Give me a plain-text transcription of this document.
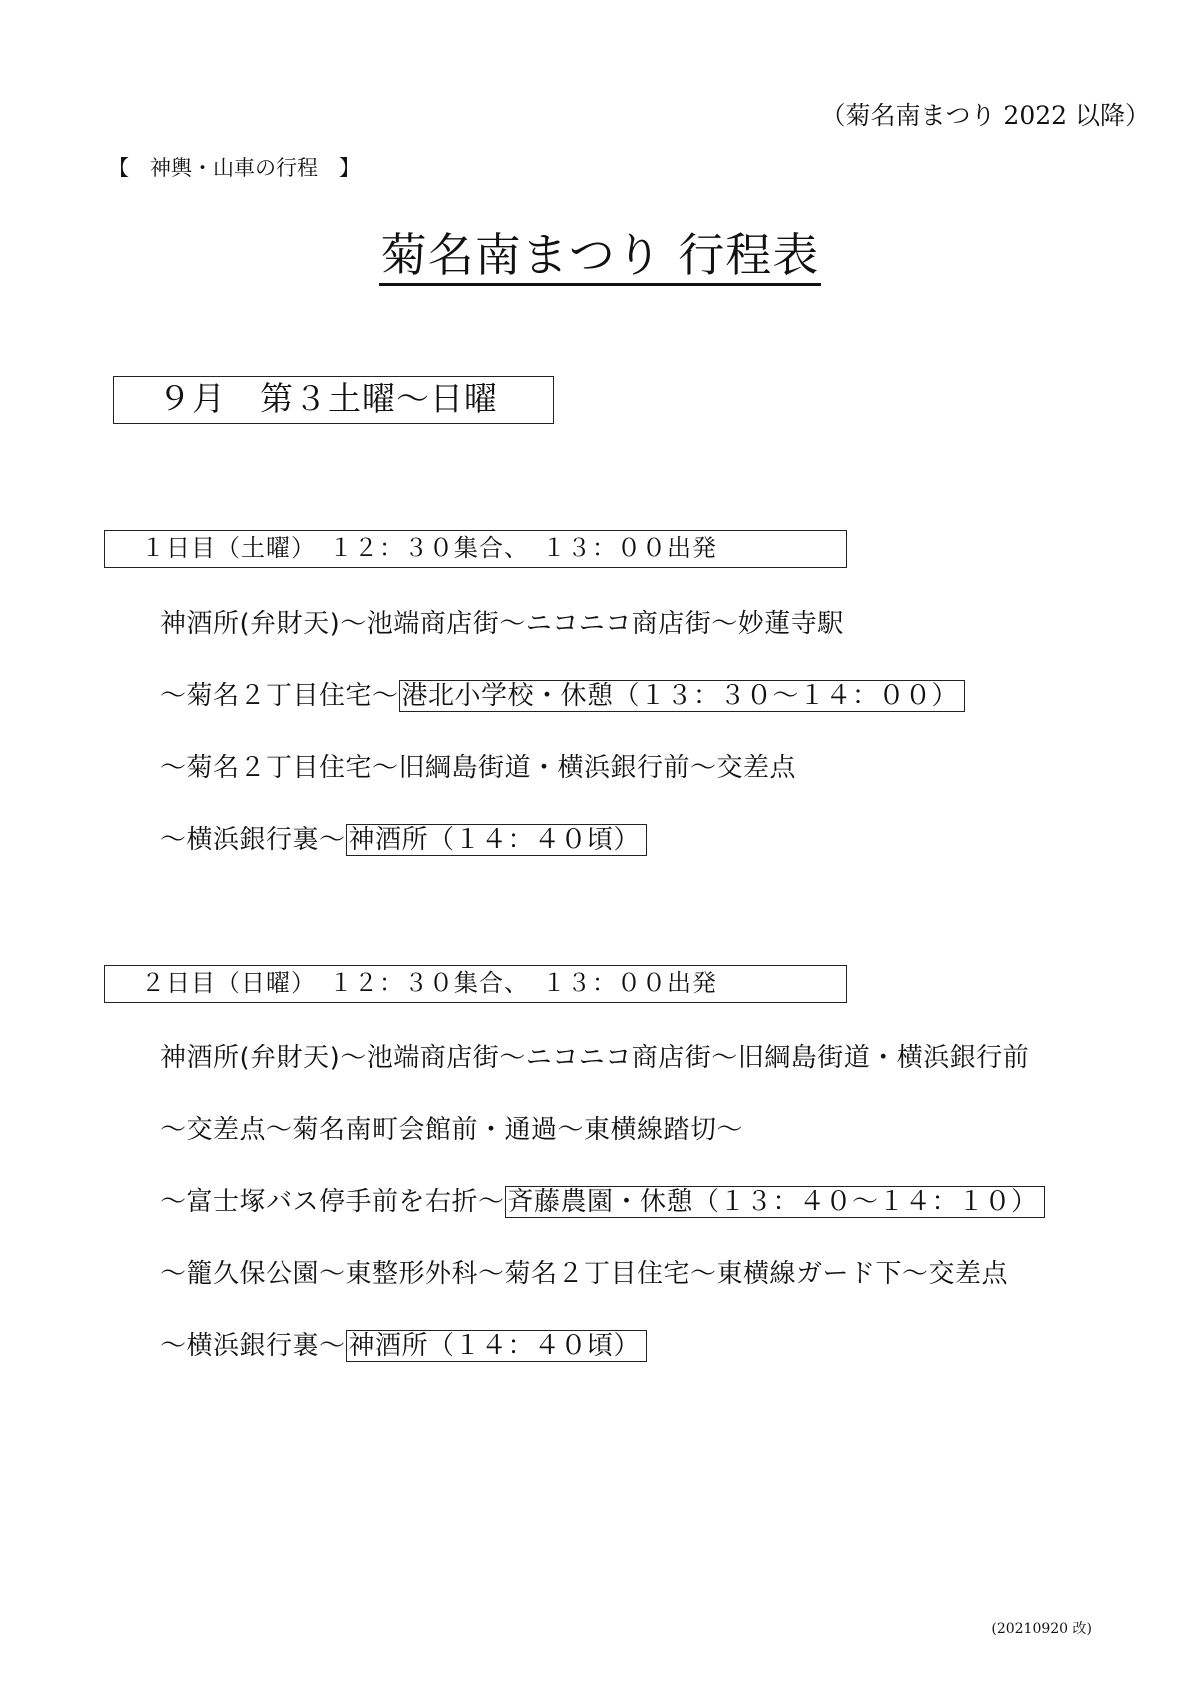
（菊名南まつり 2022 以降）
【　神輿・山車の行程　】
菊名南まつり 行程表
９月　第３土曜～日曜
１日目（土曜）　１２：３０集合、　１３：００出発
神酒所(弁財天)～池端商店街～ニコニコ商店街～妙蓮寺駅
～菊名２丁目住宅～ 港北小学校・休憩（１３：３０～１４：００）
～菊名２丁目住宅～旧綱島街道・横浜銀行前～交差点
～横浜銀行裏～ 神酒所（１４：４０頃）
２日目（日曜）　１２：３０集合、　１３：００出発
神酒所(弁財天)～池端商店街～ニコニコ商店街～旧綱島街道・横浜銀行前
～交差点～菊名南町会館前・通過～東横線踏切～
～富士塚バス停手前を右折～ 斉藤農園・休憩（１３：４０～１４：１０）
～籠久保公園～東整形外科～菊名２丁目住宅～東横線ガード下～交差点
～横浜銀行裏～ 神酒所（１４：４０頃）
(20210920 改)
